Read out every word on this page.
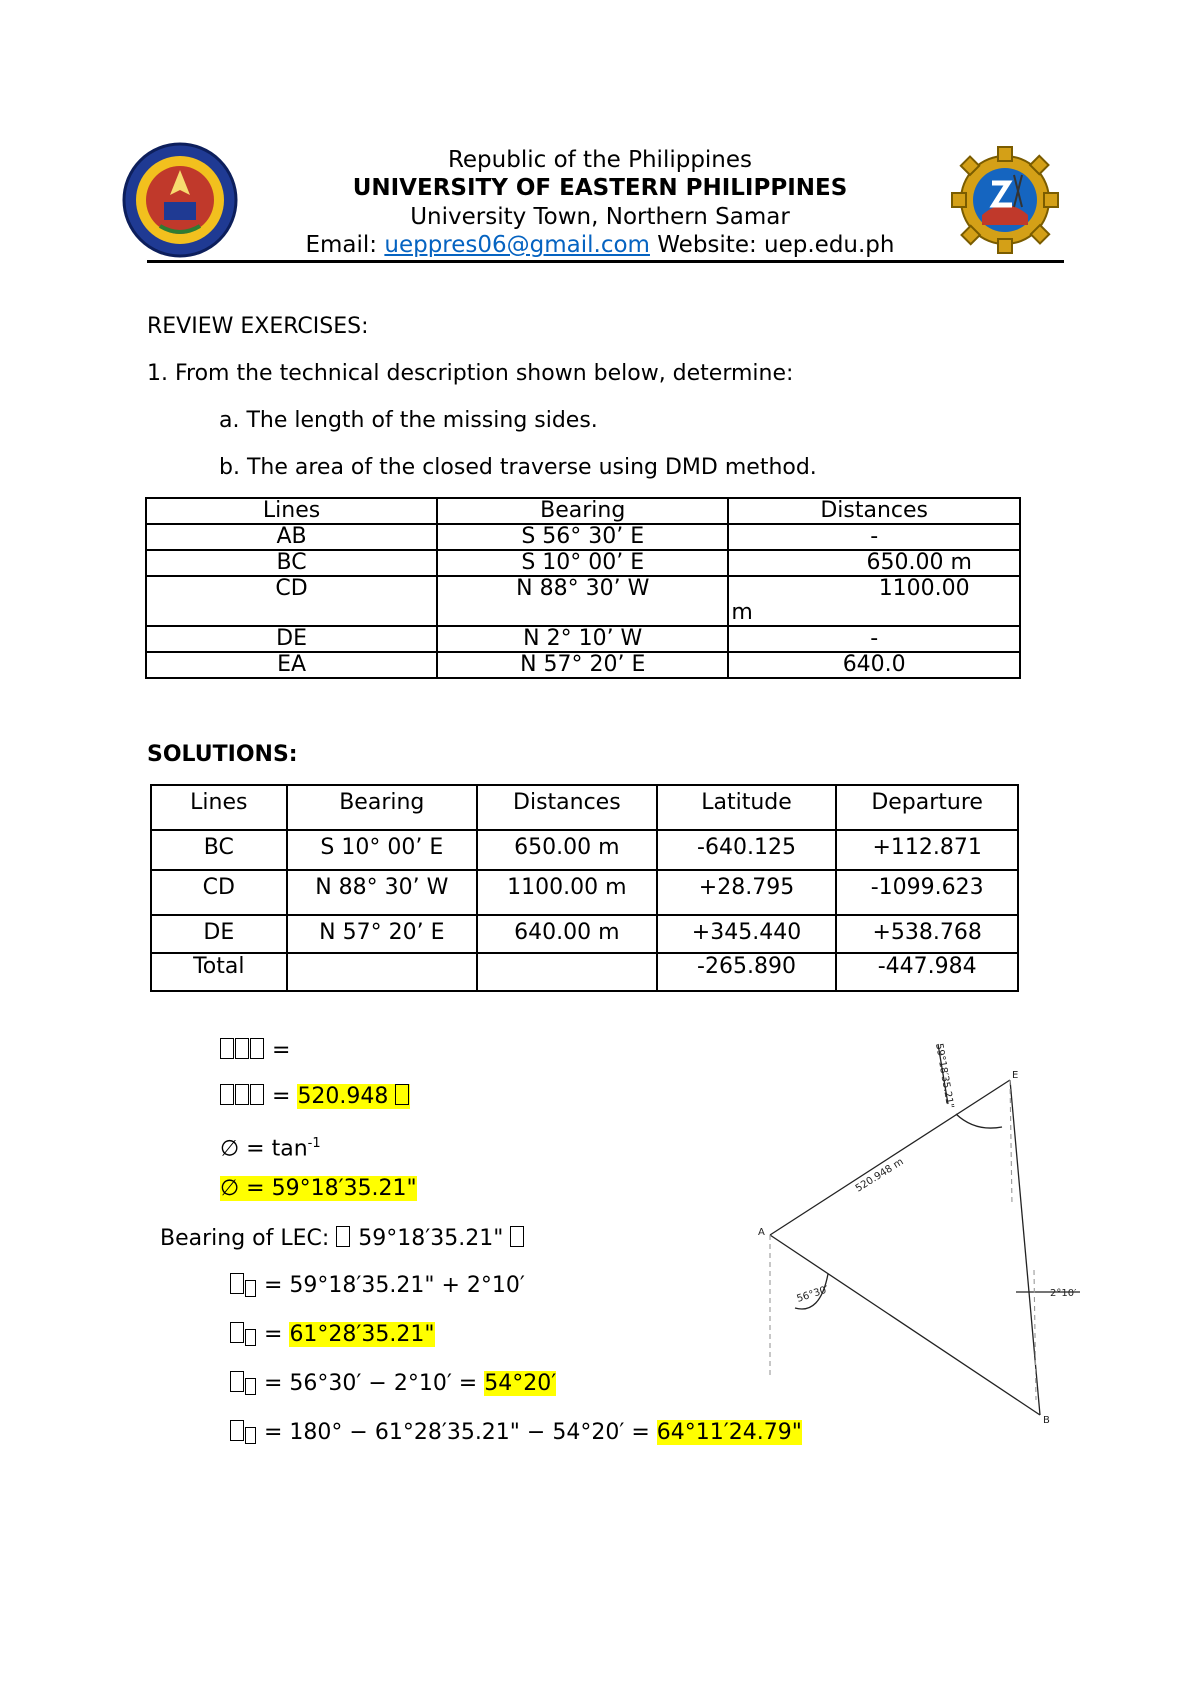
Republic of the Philippines
UNIVERSITY OF EASTERN PHILIPPINES
University Town, Northern Samar
Email: ueppres06@gmail.com Website: uep.edu.ph
REVIEW EXERCISES:
1. From the technical description shown below, determine:
a. The length of the missing sides.
b. The area of the closed traverse using DMD method.
Lines	Bearing	Distances
AB	S 56° 30’ E	-
BC	S 10° 00’ E	650.00 m
CD	N 88° 30’ W	1100.00
m

DE	N 2° 10’ W	-
EA	N 57° 20’ E	640.0
SOLUTIONS:
Lines	Bearing	Distances	Latitude	Departure
BC	S 10° 00’ E	650.00 m	-640.125	+112.871
CD	N 88° 30’ W	1100.00 m	+28.795	-1099.623
DE	N 57° 20’ E	640.00 m	+345.440	+538.768
Total			-265.890	-447.984
=
= 520.948
∅ = $\tan^{-1}$
∅ = 59°18′35.21"
Bearing of LEC: 59°18′35.21"
= 59°18′35.21" + 2°10′
= 61°28′35.21"
= 56°30′ − 2°10′ = 54°20′
= 180° − 61°28′35.21" − 54°20′ = 64°11′24.79"
A
B
E
520.948 m
56°30′	2°10′
59°18′35.21"
